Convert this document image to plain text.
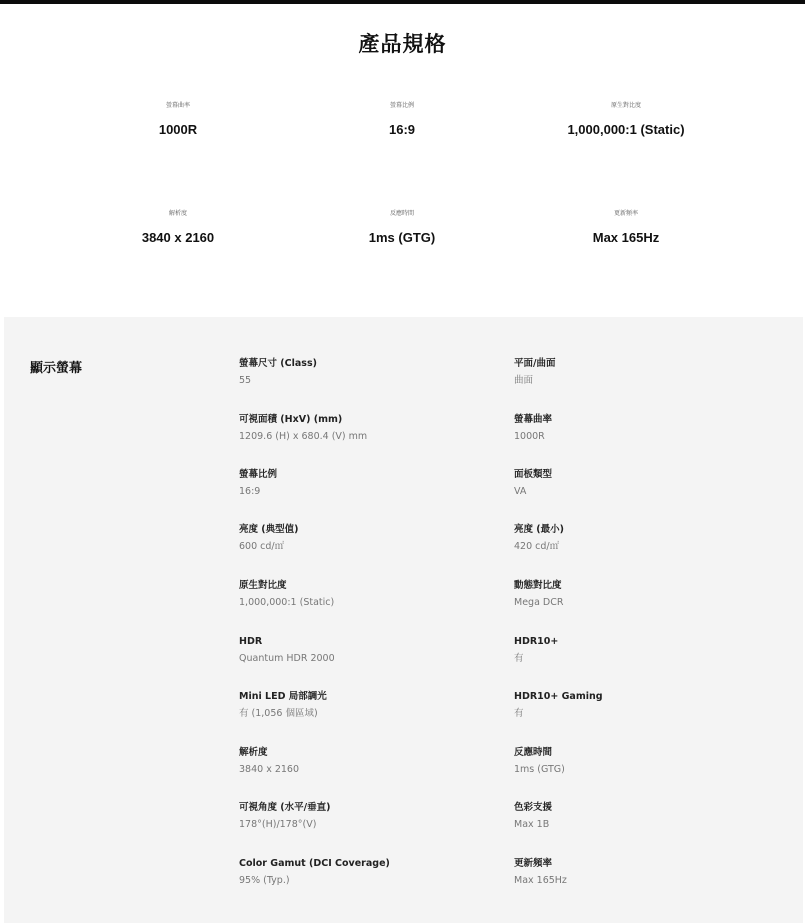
產品規格
螢幕曲率
1000R
螢幕比例
16:9
原生對比度
1,000,000:1 (Static)
解析度
3840 x 2160
反應時間
1ms (GTG)
更新頻率
Max 165Hz
顯示螢幕	螢幕尺寸 (Class)
55
可視面積 (HxV) (mm)
1209.6 (H) x 680.4 (V) mm
螢幕比例
16:9
亮度 (典型值)
600 cd/㎡
原生對比度
1,000,000:1 (Static)
HDR
Quantum HDR 2000
Mini LED 局部調光
有 (1,056 個區域)
解析度
3840 x 2160
可視角度 (水平/垂直)
178°(H)/178°(V)
Color Gamut (DCI Coverage)
95% (Typ.)
平面/曲面
曲面
螢幕曲率
1000R
面板類型
VA
亮度 (最小)
420 cd/㎡
動態對比度
Mega DCR
HDR10+
有
HDR10+ Gaming
有
反應時間
1ms (GTG)
色彩支援
Max 1B
更新頻率
Max 165Hz
